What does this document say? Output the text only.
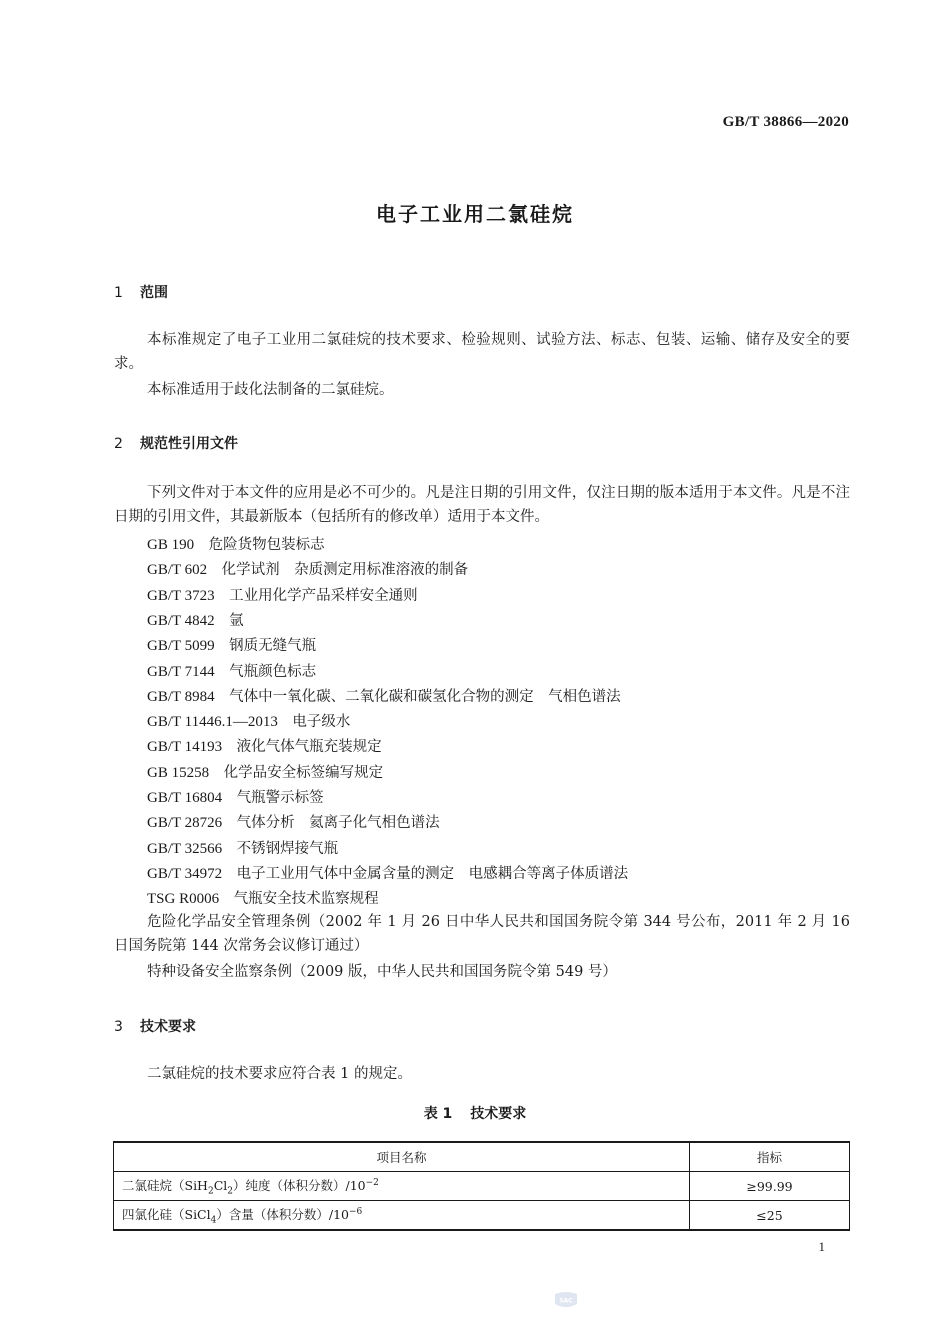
GB/T 38866—2020
电子工业用二氯硅烷
1 范围
本标准规定了电子工业用二氯硅烷的技术要求、检验规则、试验方法、标志、包装、运输、储存及安全的要求。
本标准适用于歧化法制备的二氯硅烷。
2 规范性引用文件
下列文件对于本文件的应用是必不可少的。凡是注日期的引用文件，仅注日期的版本适用于本文件。凡是不注日期的引用文件，其最新版本（包括所有的修改单）适用于本文件。
GB 190　 危险货物包装标志
GB/T 602　 化学试剂　杂质测定用标准溶液的制备
GB/T 3723　 工业用化学产品采样安全通则
GB/T 4842　 氩
GB/T 5099　 钢质无缝气瓶
GB/T 7144　 气瓶颜色标志
GB/T 8984　 气体中一氧化碳、二氧化碳和碳氢化合物的测定　气相色谱法
GB/T 11446.1—2013　 电子级水
GB/T 14193　 液化气体气瓶充装规定
GB 15258　 化学品安全标签编写规定
GB/T 16804　 气瓶警示标签
GB/T 28726　 气体分析　氦离子化气相色谱法
GB/T 32566　 不锈钢焊接气瓶
GB/T 34972　 电子工业用气体中金属含量的测定　电感耦合等离子体质谱法
TSG R0006　 气瓶安全技术监察规程
危险化学品安全管理条例（2002 年 1 月 26 日中华人民共和国国务院令第 344 号公布，2011 年 2 月 16 日国务院第 144 次常务会议修订通过）
特种设备安全监察条例（2009 版，中华人民共和国国务院令第 549 号）
3 技术要求
二氯硅烷的技术要求应符合表 1 的规定。
表 1 技术要求
项目名称	指标
二氯硅烷$(SiH_2Cl_2)$纯度（体积分数）$/10^{-2}$	≥99.99
四氯化硅（SiCl$_4$）含量（体积分数）$/10^{-6}$	≤25
1
SAC
